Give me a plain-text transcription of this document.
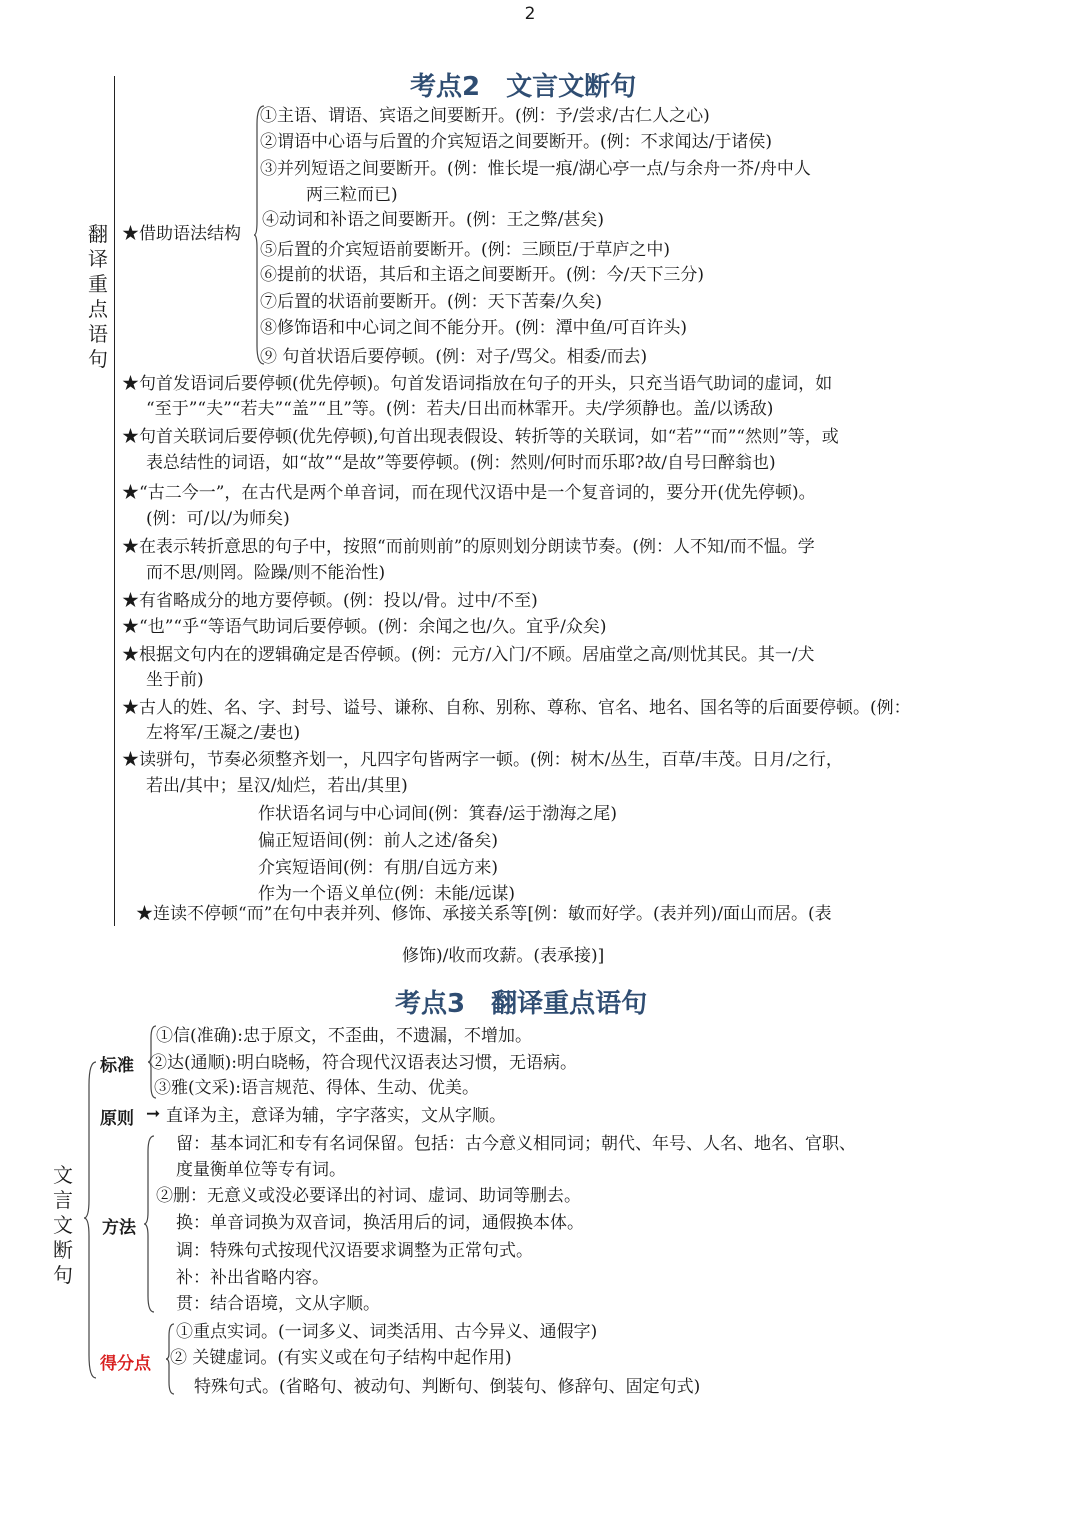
2
考点2　文言文断句
翻译重点语句
★借助语法结构
①主语、谓语、宾语之间要断开。(例：予/尝求/古仁人之心)
②谓语中心语与后置的介宾短语之间要断开。(例：不求闻达/于诸侯)
③并列短语之间要断开。(例：惟长堤一痕/湖心亭一点/与余舟一芥/舟中人
两三粒而已)
④动词和补语之间要断开。(例：王之弊/甚矣)
⑤后置的介宾短语前要断开。(例：三顾臣/于草庐之中)
⑥提前的状语，其后和主语之间要断开。(例：今/天下三分)
⑦后置的状语前要断开。(例：天下苦秦/久矣)
⑧修饰语和中心词之间不能分开。(例：潭中鱼/可百许头)
⑨ 句首状语后要停顿。(例：对子/骂父。相委/而去)
★句首发语词后要停顿(优先停顿)。句首发语词指放在句子的开头，只充当语气助词的虚词，如
“至于”“夫”“若夫”“盖”“且”等。(例：若夫/日出而林霏开。夫/学须静也。盖/以诱敌)
★句首关联词后要停顿(优先停顿),句首出现表假设、转折等的关联词，如“若”“而”“然则”等，或
表总结性的词语，如“故”“是故”等要停顿。(例：然则/何时而乐耶?故/自号曰醉翁也)
★“古二今一”，在古代是两个单音词，而在现代汉语中是一个复音词的，要分开(优先停顿)。
(例：可/以/为师矣)
★在表示转折意思的句子中，按照“而前则前”的原则划分朗读节奏。(例：人不知/而不愠。学
而不思/则罔。险躁/则不能治性)
★有省略成分的地方要停顿。(例：投以/骨。过中/不至)
★“也”“乎“等语气助词后要停顿。(例：余闻之也/久。宜乎/众矣)
★根据文句内在的逻辑确定是否停顿。(例：元方/入门/不顾。居庙堂之高/则忧其民。其一/犬
坐于前)
★古人的姓、名、字、封号、谥号、谦称、自称、别称、尊称、官名、地名、国名等的后面要停顿。(例：
左将军/王凝之/妻也)
★读骈句，节奏必须整齐划一，凡四字句皆两字一顿。(例：树木/丛生，百草/丰茂。日月/之行，
若出/其中；星汉/灿烂，若出/其里)
作状语名词与中心词间(例：箕舂/运于渤海之尾)
偏正短语间(例：前人之述/备矣)
介宾短语间(例：有朋/自远方来)
作为一个语义单位(例：未能/远谋)
★连读不停顿“而”在句中表并列、修饰、承接关系等[例：敏而好学。(表并列)/面山而居。(表
修饰)/收而攻薪。(表承接)]
考点3　翻译重点语句
文言文断句
标准
①信(准确):忠于原文，不歪曲，不遗漏，不增加。
②达(通顺):明白晓畅，符合现代汉语表达习惯，无语病。
③雅(文采):语言规范、得体、生动、优美。
原则 ➞ 直译为主，意译为辅，字字落实，文从字顺。
方法
留：基本词汇和专有名词保留。包括：古今意义相同词；朝代、年号、人名、地名、官职、
度量衡单位等专有词。
②删：无意义或没必要译出的衬词、虚词、助词等删去。
换：单音词换为双音词，换活用后的词，通假换本体。
调：特殊句式按现代汉语要求调整为正常句式。
补：补出省略内容。
贯：结合语境，文从字顺。
得分点
①重点实词。(一词多义、词类活用、古今异义、通假字)
② 关键虚词。(有实义或在句子结构中起作用)
特殊句式。(省略句、被动句、判断句、倒装句、修辞句、固定句式)
